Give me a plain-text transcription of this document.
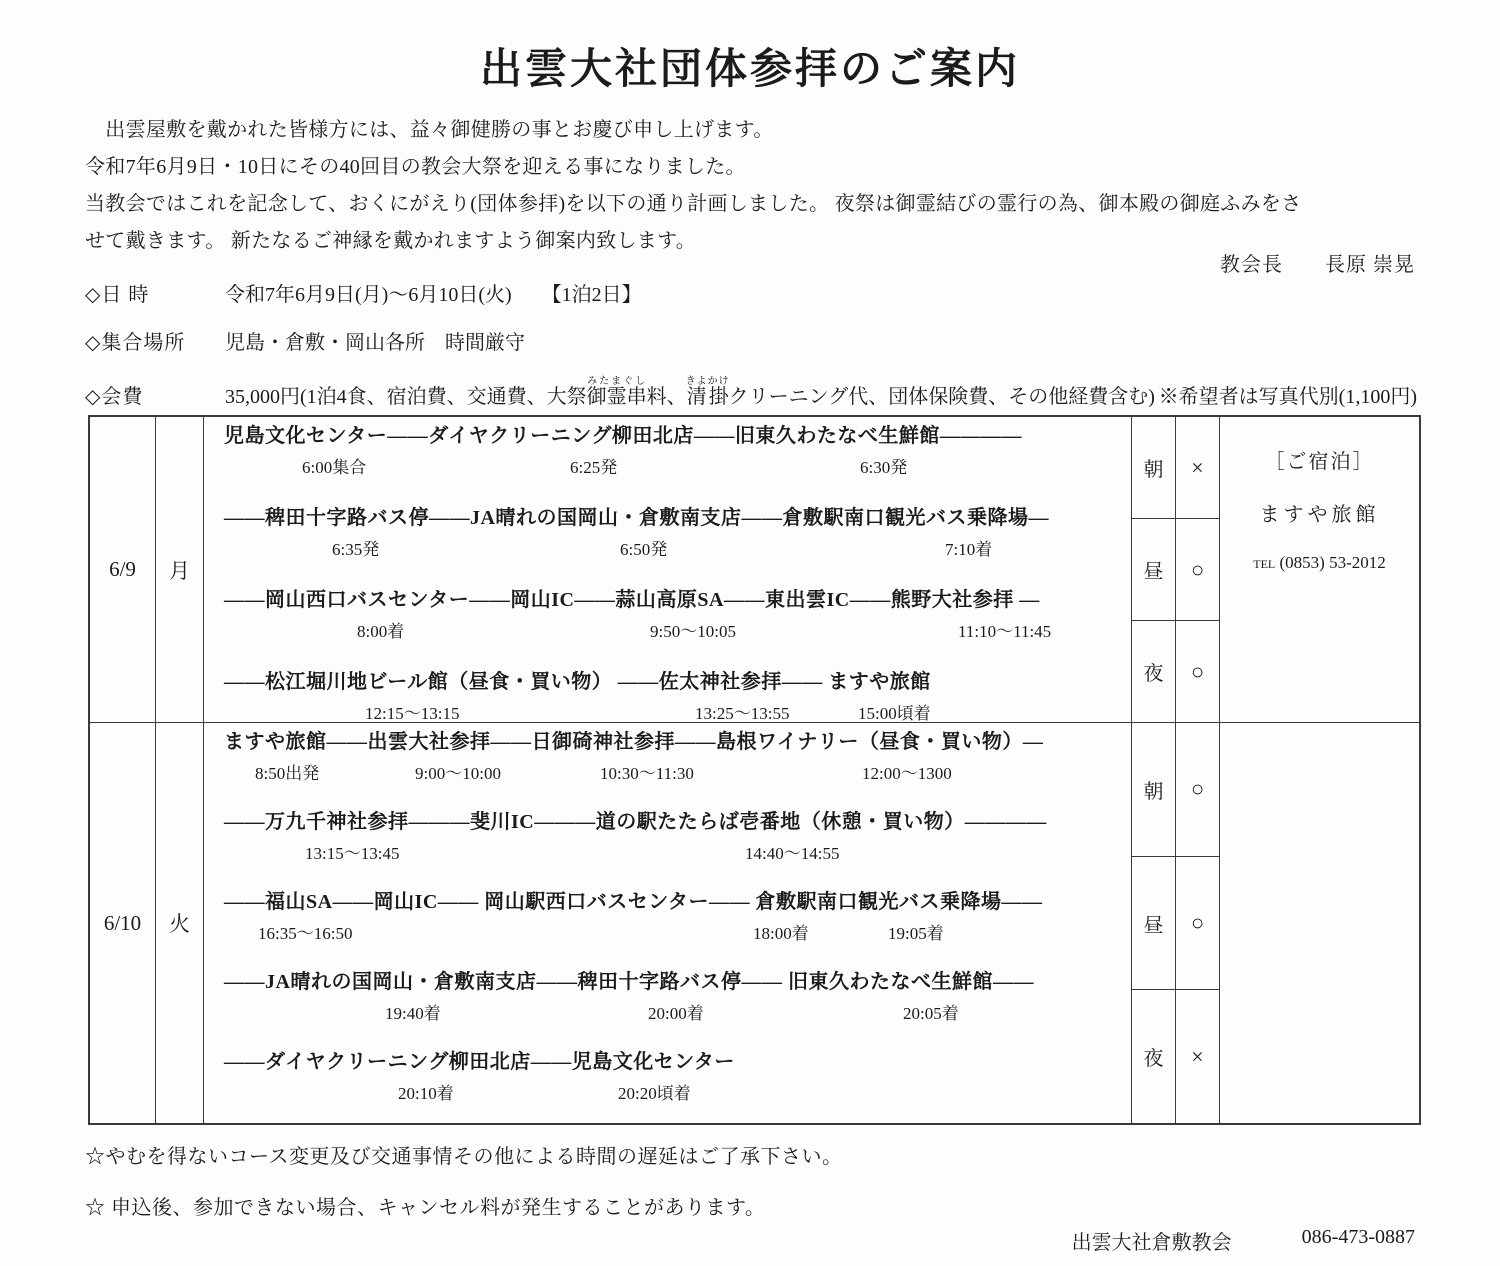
出雲大社団体参拝のご案内
　出雲屋敷を戴かれた皆様方には、益々御健勝の事とお慶び申し上げます。
令和7年6月9日・10日にその40回目の教会大祭を迎える事になりました。
当教会ではこれを記念して、おくにがえり(団体参拝)を以下の通り計画しました。 夜祭は御霊結びの霊行の為、御本殿の御庭ふみをさ
せて戴きます。 新たなるご神縁を戴かれますよう御案内致します。
教会長　　長原 崇晃
◇日 時	令和7年6月9日(月)～6月10日(火)　　【1泊2日】
◇集合場所	児島・倉敷・岡山各所　時間厳守
◇会費	35,000円(1泊4食、宿泊費、交通費、大祭御霊串みたまぐし料、清掛きよかけクリーニング代、団体保険費、その他経費含む) ※希望者は写真代別(1,100円)
6/9	月
児島文化センター——ダイヤクリーニング柳田北店——旧東久わたなべ生鮮館————
6:00集合	6:25発	6:30発
——稗田十字路バス停——JA晴れの国岡山・倉敷南支店——倉敷駅南口観光バス乗降場—
6:35発	6:50発	7:10着
——岡山西口バスセンター——岡山IC——蒜山高原SA——東出雲IC——熊野大社参拝 —
8:00着	9:50～10:05	11:10～11:45
——松江堀川地ビール館（昼食・買い物） ——佐太神社参拝—— ますや旅館
12:15～13:15	13:25～13:55	15:00頃着
朝	×
昼	○
夜	○
［ご宿泊］
ますや旅館
TEL (0853) 53-2012
6/10	火
ますや旅館——出雲大社参拝——日御碕神社参拝——島根ワイナリー（昼食・買い物）—
8:50出発	9:00～10:00	10:30～11:30	12:00～1300
——万九千神社参拝———斐川IC———道の駅たたらば壱番地（休憩・買い物）————
13:15～13:45	14:40～14:55
——福山SA——岡山IC—— 岡山駅西口バスセンター—— 倉敷駅南口観光バス乗降場——
16:35～16:50	18:00着	19:05着
——JA晴れの国岡山・倉敷南支店——稗田十字路バス停—— 旧東久わたなべ生鮮館——
19:40着	20:00着	20:05着
——ダイヤクリーニング柳田北店——児島文化センター
20:10着	20:20頃着
朝	○
昼	○
夜	×
☆やむを得ないコース変更及び交通事情その他による時間の遅延はご了承下さい。
☆ 申込後、参加できない場合、キャンセル料が発生することがあります。
出雲大社倉敷教会	086-473-0887
